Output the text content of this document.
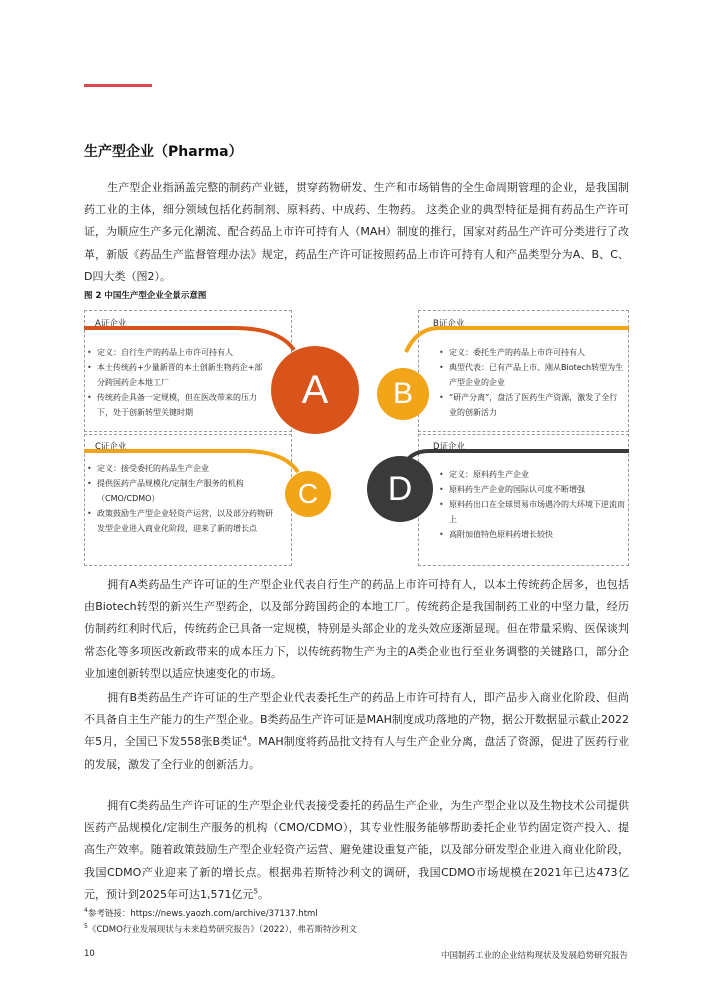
生产型企业（Pharma）

生产型企业指涵盖完整的制药产业链，贯穿药物研发、生产和市场销售的全生命周期管理的企业，是我国制药工业的主体，细分领域包括化药制剂、原料药、中成药、生物药。 这类企业的典型特征是拥有药品生产许可证，为顺应生产多元化潮流、配合药品上市许可持有人（MAH）制度的推行，国家对药品生产许可分类进行了改革，新版《药品生产监督管理办法》规定，药品生产许可证按照药品上市许可持有人和产品类型分为A、B、C、D四大类（图2）。

图 2 中国生产型企业全景示意图
A证企业
• 定义：自行生产的药品上市许可持有人
• 本土传统药+少量新晋的本土创新生物药企+部分跨国药企本地工厂
• 传统药企具备一定规模，但在医改带来的压力下，处于创新转型关键时期
B证企业
• 定义：委托生产的药品上市许可持有人
• 典型代表：已有产品上市、刚从Biotech转型为生产型企业的企业
• “研产分离”，盘活了医药生产资源，激发了全行业的创新活力
C证企业
• 定义：接受委托的药品生产企业
• 提供医药产品规模化/定制生产服务的机构（CMO/CDMO）
• 政策鼓励生产型企业轻资产运营，以及部分药物研发型企业进入商业化阶段，迎来了新的增长点
D证企业
• 定义：原料药生产企业
• 原料药生产企业的国际认可度不断增强
• 原料药出口在全球贸易市场遇冷的大环境下逆流而上
• 高附加值特色原料药增长较快
A	B
C	D

拥有A类药品生产许可证的生产型企业代表自行生产的药品上市许可持有人，以本土传统药企居多，也包括由Biotech转型的新兴生产型药企，以及部分跨国药企的本地工厂。传统药企是我国制药工业的中坚力量，经历仿制药红利时代后，传统药企已具备一定规模，特别是头部企业的龙头效应逐渐显现。但在带量采购、医保谈判常态化等多项医改新政带来的成本压力下，以传统药物生产为主的A类企业也行至业务调整的关键路口，部分企业加速创新转型以适应快速变化的市场。

拥有B类药品生产许可证的生产型企业代表委托生产的药品上市许可持有人，即产品步入商业化阶段、但尚不具备自主生产能力的生产型企业。B类药品生产许可证是MAH制度成功落地的产物，据公开数据显示截止2022年5月，全国已下发558张B类证$^4$。MAH制度将药品批文持有人与生产企业分离，盘活了资源，促进了医药行业的发展，激发了全行业的创新活力。

拥有C类药品生产许可证的生产型企业代表接受委托的药品生产企业，为生产型企业以及生物技术公司提供医药产品规模化/定制生产服务的机构（CMO/CDMO），其专业性服务能够帮助委托企业节约固定资产投入、提高生产效率。随着政策鼓励生产型企业轻资产运营、避免建设重复产能，以及部分研发型企业进入商业化阶段，我国CDMO产业迎来了新的增长点。根据弗若斯特沙利文的调研，我国CDMO市场规模在2021年已达473亿元，预计到2025年可达1,571亿元$^5$。

$^4$参考链接：https://news.yaozh.com/archive/37137.html
$^5$《CDMO行业发展现状与未来趋势研究报告》（2022），弗若斯特沙利文
10	中国制药工业的企业结构现状及发展趋势研究报告
